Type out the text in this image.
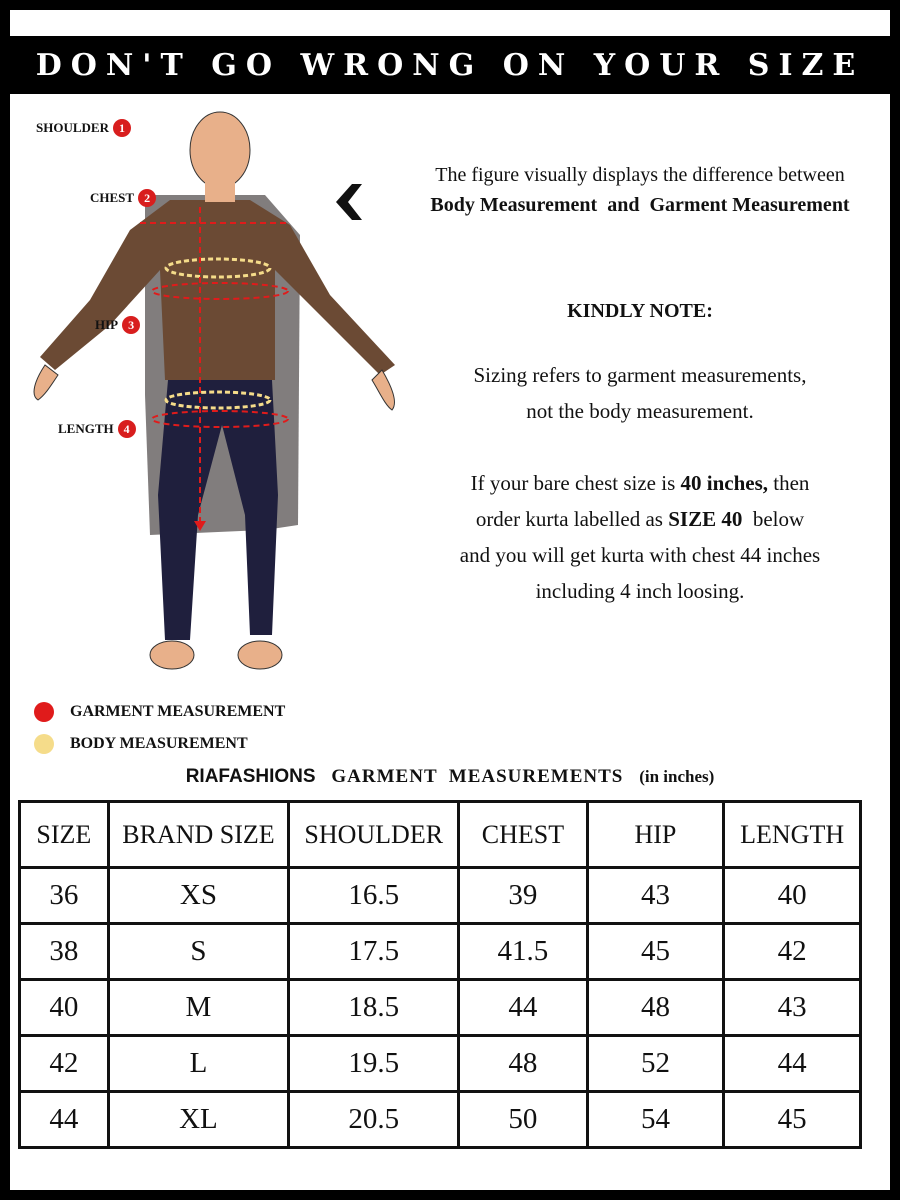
DON'T GO WRONG ON YOUR SIZE
SHOULDER 1
CHEST 2
HIP 3
LENGTH 4
The figure visually displays the difference between
Body Measurement and Garment Measurement
KINDLY NOTE:

Sizing refers to garment measurements,

not the body measurement.

If your bare chest size is 40 inches, then

order kurta labelled as SIZE 40  below

and you will get kurta with chest 44 inches

including 4 inch loosing.

GARMENT MEASUREMENT
BODY MEASUREMENT
RIAFASHIONS GARMENT  MEASUREMENTS (in inches)
SIZE	BRAND SIZE	SHOULDER	CHEST	HIP	LENGTH
36	XS	16.5	39	43	40
38	S	17.5	41.5	45	42
40	M	18.5	44	48	43
42	L	19.5	48	52	44
44	XL	20.5	50	54	45
